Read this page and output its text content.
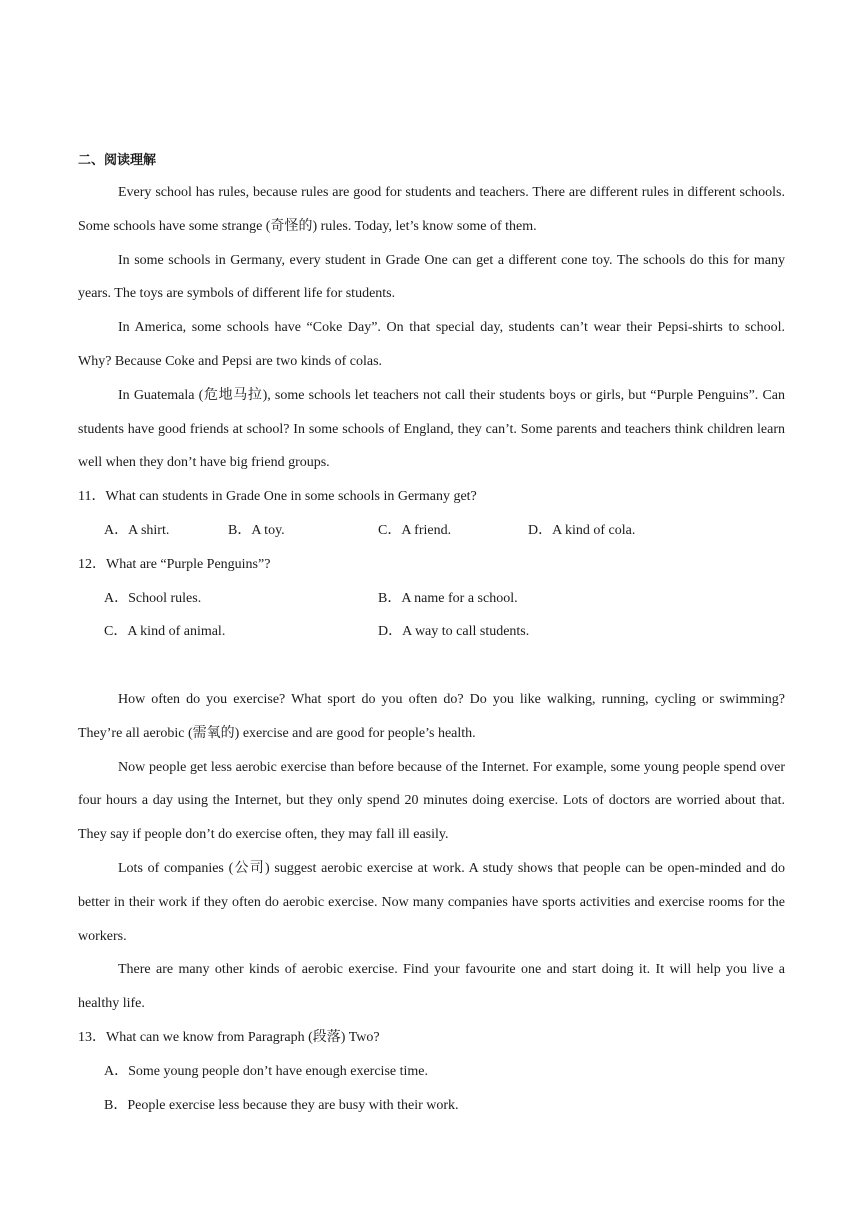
二、阅读理解

Every school has rules, because rules are good for students and teachers. There are different rules in different schools. Some schools have some strange (奇怪的) rules. Today, let’s know some of them.

In some schools in Germany, every student in Grade One can get a different cone toy. The schools do this for many years. The toys are symbols of different life for students.

In America, some schools have “Coke Day”. On that special day, students can’t wear their Pepsi-shirts to school. Why? Because Coke and Pepsi are two kinds of colas.

In Guatemala (危地马拉), some schools let teachers not call their students boys or girls, but “Purple Penguins”. Can students have good friends at school? In some schools of England, they can’t. Some parents and teachers think children learn well when they don’t have big friend groups.

11．What can students in Grade One in some schools in Germany get?

A．A shirt.	B．A toy.	C．A friend.	D．A kind of cola.

12．What are “Purple Penguins”?

A．School rules.	B．A name for a school.
C．A kind of animal.	D．A way to call students.

How often do you exercise? What sport do you often do? Do you like walking, running, cycling or swimming? They’re all aerobic (需氧的) exercise and are good for people’s health.

Now people get less aerobic exercise than before because of the Internet. For example, some young people spend over four hours a day using the Internet, but they only spend 20 minutes doing exercise. Lots of doctors are worried about that. They say if people don’t do exercise often, they may fall ill easily.

Lots of companies (公司) suggest aerobic exercise at work. A study shows that people can be open-minded and do better in their work if they often do aerobic exercise. Now many companies have sports activities and exercise rooms for the workers.

There are many other kinds of aerobic exercise. Find your favourite one and start doing it. It will help you live a healthy life.

13．What can we know from Paragraph (段落) Two?

A．Some young people don’t have enough exercise time.
B．People exercise less because they are busy with their work.
